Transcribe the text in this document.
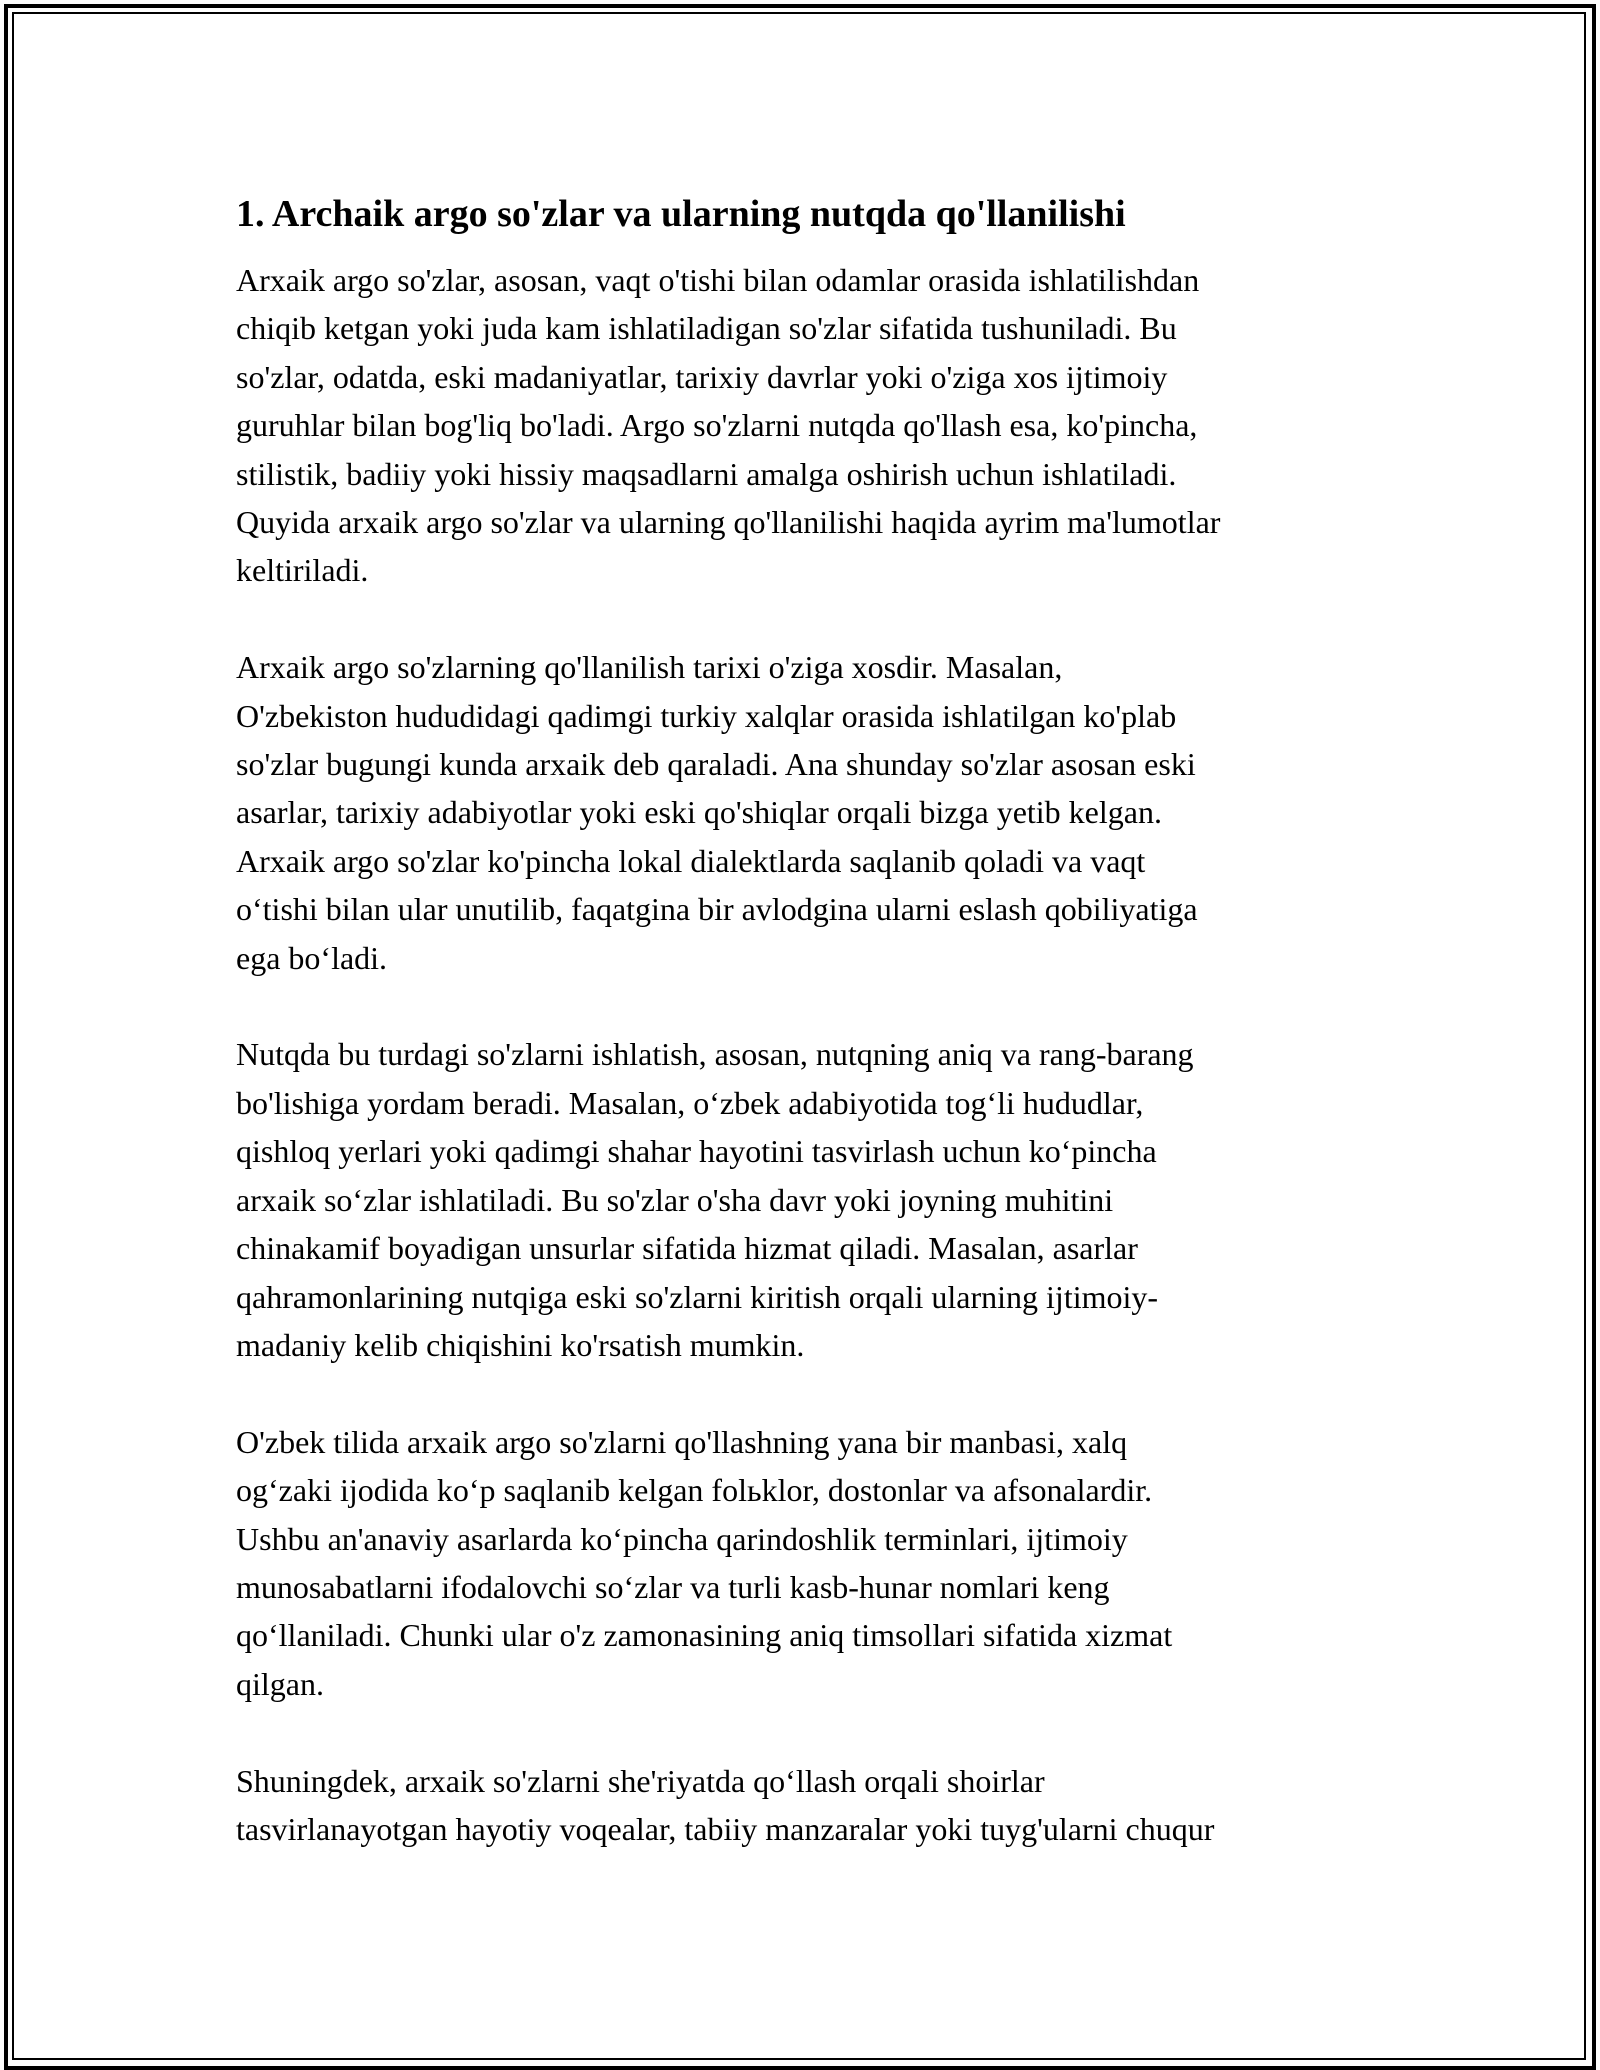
1. Archaik argo so'zlar va ularning nutqda qo'llanilishi

Arxaik argo so'zlar, asosan, vaqt o'tishi bilan odamlar orasida ishlatilishdan
chiqib ketgan yoki juda kam ishlatiladigan so'zlar sifatida tushuniladi. Bu
so'zlar, odatda, eski madaniyatlar, tarixiy davrlar yoki o'ziga xos ijtimoiy
guruhlar bilan bog'liq bo'ladi. Argo so'zlarni nutqda qo'llash esa, ko'pincha,
stilistik, badiiy yoki hissiy maqsadlarni amalga oshirish uchun ishlatiladi.
Quyida arxaik argo so'zlar va ularning qo'llanilishi haqida ayrim ma'lumotlar
keltiriladi.

Arxaik argo so'zlarning qo'llanilish tarixi o'ziga xosdir. Masalan,
O'zbekiston hududidagi qadimgi turkiy xalqlar orasida ishlatilgan ko'plab
so'zlar bugungi kunda arxaik deb qaraladi. Ana shunday so'zlar asosan eski
asarlar, tarixiy adabiyotlar yoki eski qo'shiqlar orqali bizga yetib kelgan.
Arxaik argo so'zlar ko'pincha lokal dialektlarda saqlanib qoladi va vaqt
o‘tishi bilan ular unutilib, faqatgina bir avlodgina ularni eslash qobiliyatiga
ega bo‘ladi.

Nutqda bu turdagi so'zlarni ishlatish, asosan, nutqning aniq va rang-barang
bo'lishiga yordam beradi. Masalan, o‘zbek adabiyotida tog‘li hududlar,
qishloq yerlari yoki qadimgi shahar hayotini tasvirlash uchun ko‘pincha
arxaik so‘zlar ishlatiladi. Bu so'zlar o'sha davr yoki joyning muhitini
chinakamif boyadigan unsurlar sifatida hizmat qiladi. Masalan, asarlar
qahramonlarining nutqiga eski so'zlarni kiritish orqali ularning ijtimoiy-
madaniy kelib chiqishini ko'rsatish mumkin.

O'zbek tilida arxaik argo so'zlarni qo'llashning yana bir manbasi, xalq
og‘zaki ijodida ko‘p saqlanib kelgan folьklor, dostonlar va afsonalardir.
Ushbu an'anaviy asarlarda ko‘pincha qarindoshlik terminlari, ijtimoiy
munosabatlarni ifodalovchi so‘zlar va turli kasb-hunar nomlari keng
qo‘llaniladi. Chunki ular o'z zamonasining aniq timsollari sifatida xizmat
qilgan.

Shuningdek, arxaik so'zlarni she'riyatda qo‘llash orqali shoirlar
tasvirlanayotgan hayotiy voqealar, tabiiy manzaralar yoki tuyg'ularni chuqur
